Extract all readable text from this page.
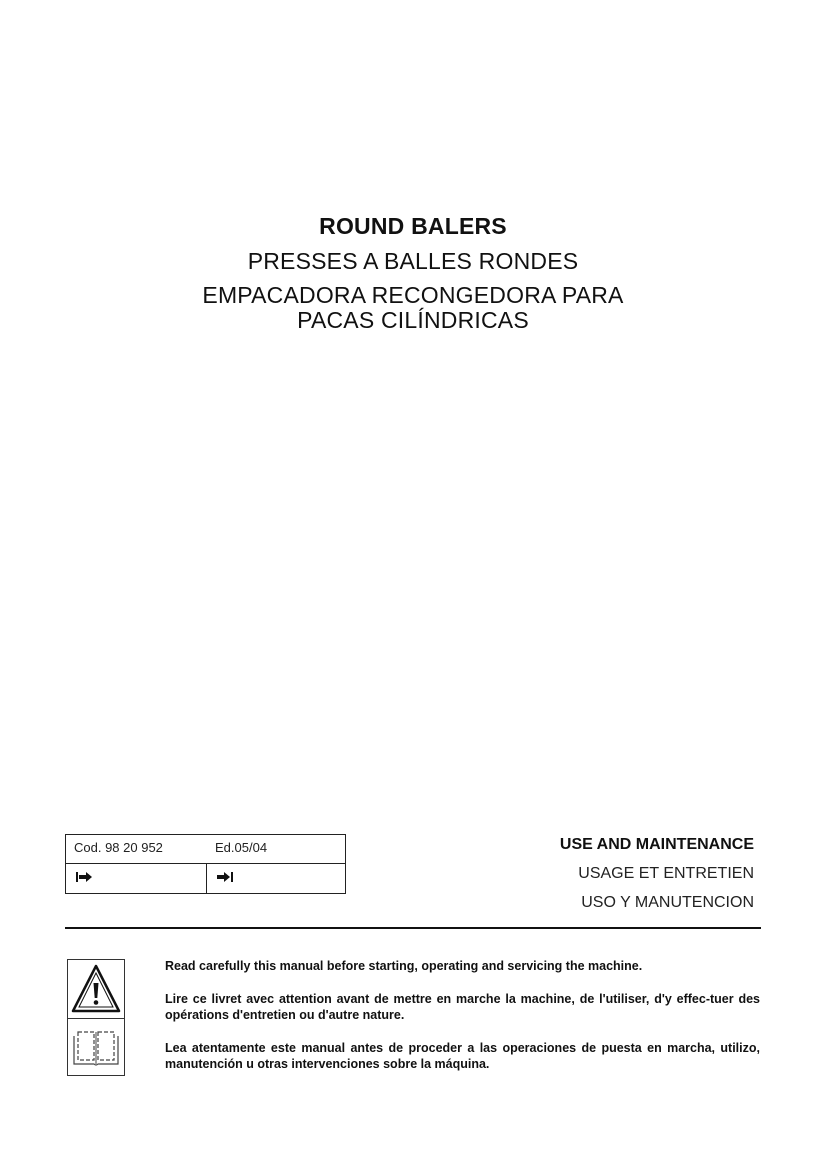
ROUND BALERS
PRESSES A BALLES RONDES
EMPACADORA RECONGEDORA PARA
PACAS CILÍNDRICAS
Cod. 98 20 952	Ed.05/04	USE AND MAINTENANCE
USAGE ET ENTRETIEN
USO Y MANUTENCION

Read carefully this manual before starting, operating and servicing the machine.

Lire ce livret avec attention avant de mettre en marche la machine, de l'utiliser, d'y effec-tuer des opérations d'entretien ou d'autre nature.

Lea atentamente este manual antes de proceder a las operaciones de puesta en marcha, utilizo, manutención u otras intervenciones sobre la máquina.
